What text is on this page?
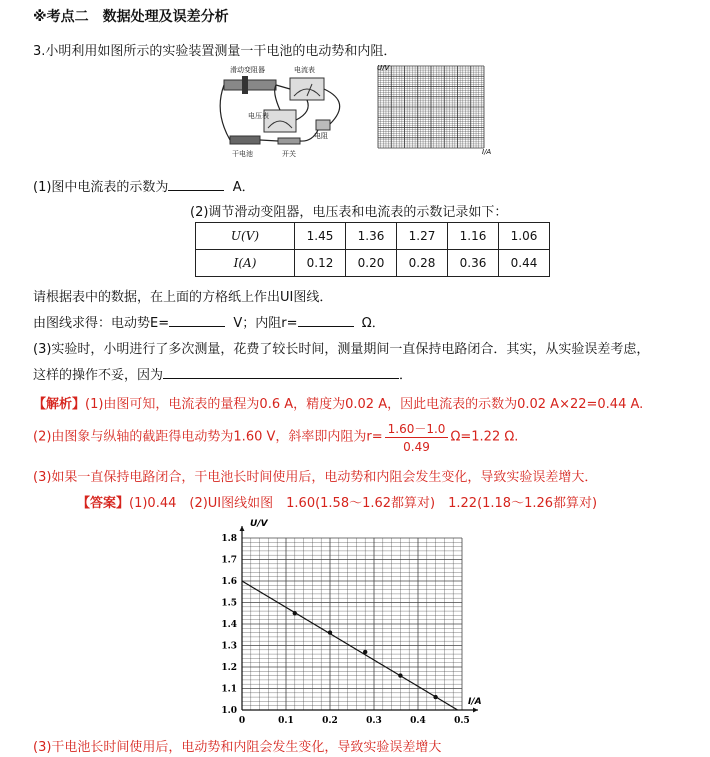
※考点二　数据处理及误差分析
3.小明利用如图所示的实验装置测量一干电池的电动势和内阻．
滑动变阻器	电流表
电压表
干电池	开关
电阻
U/V
I/A
(1)图中电流表的示数为	A．
(2)调节滑动变阻器，电压表和电流表的示数记录如下：
U(V)	1.45	1.36	1.27	1.16	1.06
I(A)	0.12	0.20	0.28	0.36	0.44
请根据表中的数据，在上面的方格纸上作出UI图线．
由图线求得：电动势E=	V；内阻r=	Ω．
(3)实验时，小明进行了多次测量，花费了较长时间，测量期间一直保持电路闭合．其实，从实验误差考虑，
这样的操作不妥，因为	．
【解析】(1)由图可知，电流表的量程为0.6 A，精度为0.02 A，因此电流表的示数为0.02 A×22=0.44 A.
(2)由图象与纵轴的截距得电动势为1.60 V，斜率即内阻为$r= \frac{1.60-1.0}{0.49} \Omega=1.22$ Ω.
(3)如果一直保持电路闭合，干电池长时间使用后，电动势和内阻会发生变化，导致实验误差增大．
【答案】(1)0.44　(2)UI图线如图　1.60(1.58～1.62都算对)　1.22(1.18～1.26都算对)
0	0.1	0.2	0.3	0.4	0.5
1.0
1.1
1.2
1.3
1.4
1.5
1.6
1.7
1.8
U/V
I/A
(3)干电池长时间使用后，电动势和内阻会发生变化，导致实验误差增大
